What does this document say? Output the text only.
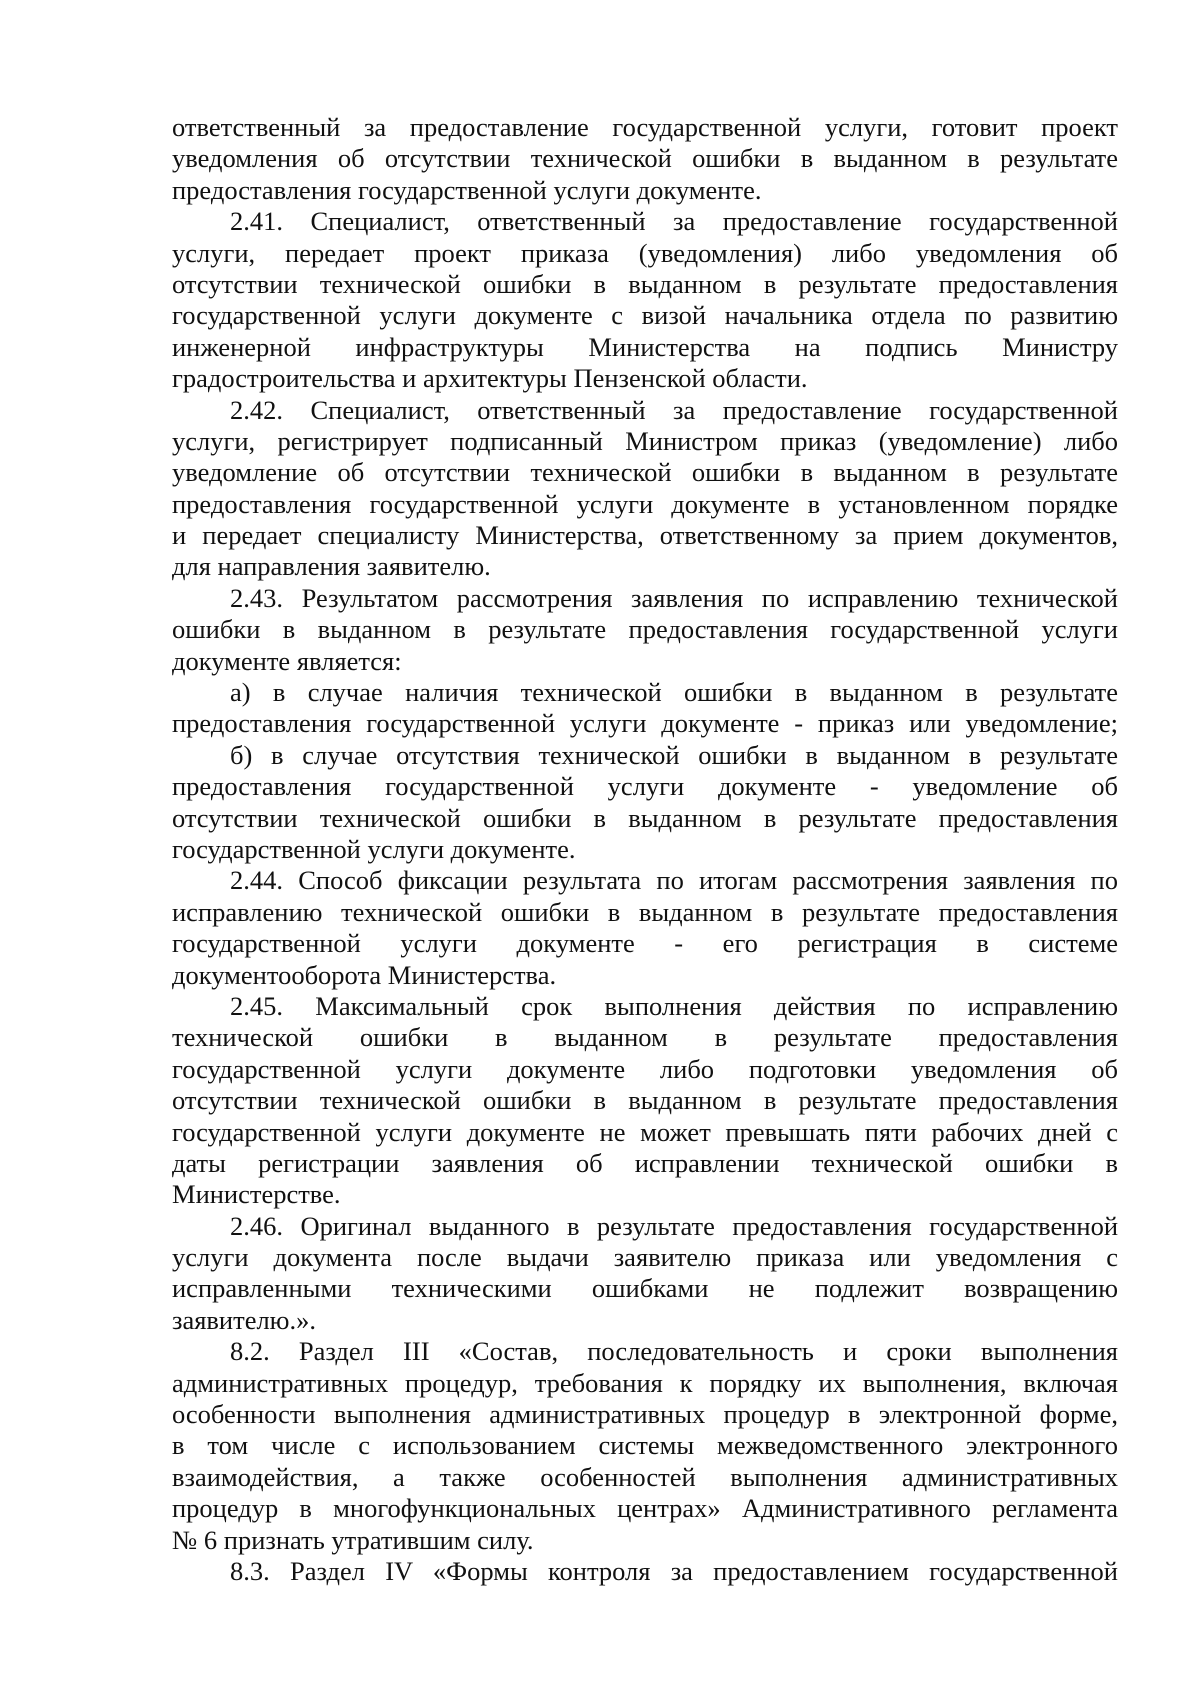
ответственный за предоставление государственной услуги, готовит проект
уведомления об отсутствии технической ошибки в выданном в результате
предоставления государственной услуги документе.
2.41. Специалист, ответственный за предоставление государственной
услуги, передает проект приказа (уведомления) либо уведомления об
отсутствии технической ошибки в выданном в результате предоставления
государственной услуги документе с визой начальника отдела по развитию
инженерной инфраструктуры Министерства на подпись Министру
градостроительства и архитектуры Пензенской области.
2.42. Специалист, ответственный за предоставление государственной
услуги, регистрирует подписанный Министром приказ (уведомление) либо
уведомление об отсутствии технической ошибки в выданном в результате
предоставления государственной услуги документе в установленном порядке
и передает специалисту Министерства, ответственному за прием документов,
для направления заявителю.
2.43. Результатом рассмотрения заявления по исправлению технической
ошибки в выданном в результате предоставления государственной услуги
документе является:
а) в случае наличия технической ошибки в выданном в результате
предоставления государственной услуги документе - приказ или уведомление;
б) в случае отсутствия технической ошибки в выданном в результате
предоставления государственной услуги документе - уведомление об
отсутствии технической ошибки в выданном в результате предоставления
государственной услуги документе.
2.44. Способ фиксации результата по итогам рассмотрения заявления по
исправлению технической ошибки в выданном в результате предоставления
государственной услуги документе - его регистрация в системе
документооборота Министерства.
2.45. Максимальный срок выполнения действия по исправлению
технической ошибки в выданном в результате предоставления
государственной услуги документе либо подготовки уведомления об
отсутствии технической ошибки в выданном в результате предоставления
государственной услуги документе не может превышать пяти рабочих дней с
даты регистрации заявления об исправлении технической ошибки в
Министерстве.
2.46. Оригинал выданного в результате предоставления государственной
услуги документа после выдачи заявителю приказа или уведомления с
исправленными техническими ошибками не подлежит возвращению
заявителю.».
8.2. Раздел III «Состав, последовательность и сроки выполнения
административных процедур, требования к порядку их выполнения, включая
особенности выполнения административных процедур в электронной форме,
в том числе с использованием системы межведомственного электронного
взаимодействия, а также особенностей выполнения административных
процедур в многофункциональных центрах» Административного регламента
№ 6 признать утратившим силу.
8.3. Раздел IV «Формы контроля за предоставлением государственной
